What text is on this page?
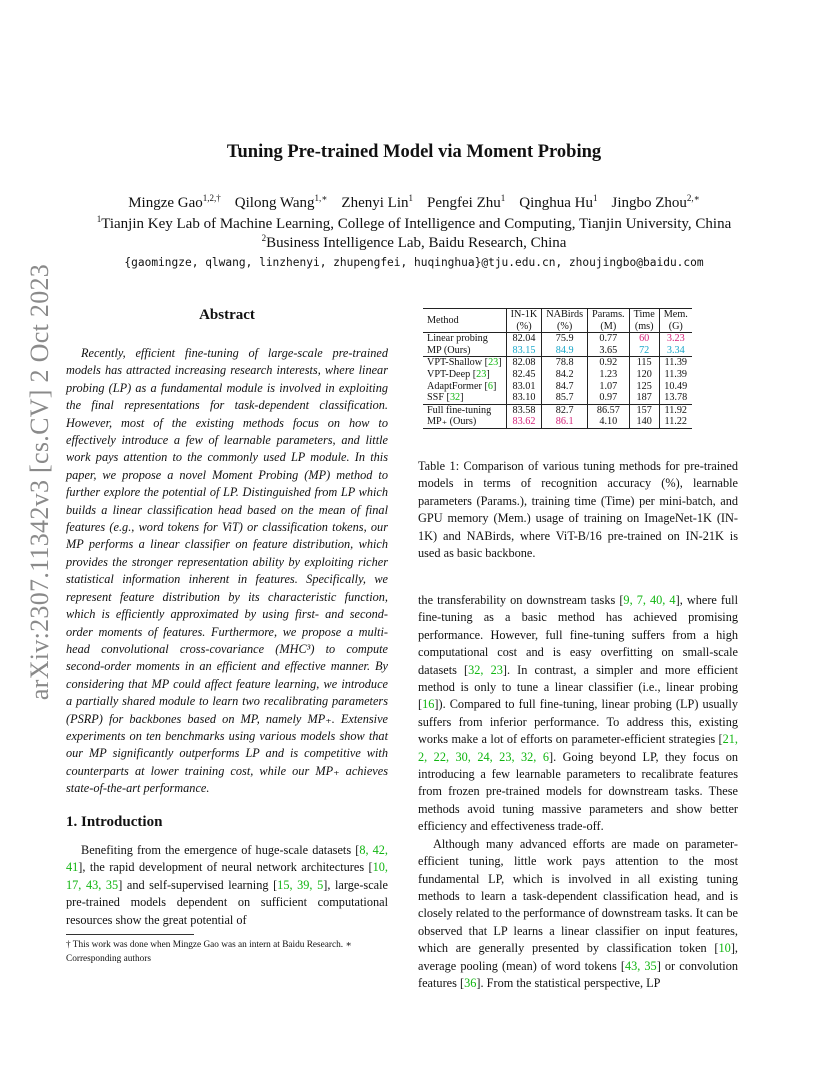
Tuning Pre-trained Model via Moment Probing
Mingze Gao$^{1,2,\dagger}$ Qilong Wang$^{1,∗}$ Zhenyi Lin$^1$ Pengfei Zhu$^1$ Qinghua Hu$^1$ Jingbo Zhou$^{2,∗}$
$^1$Tianjin Key Lab of Machine Learning, College of Intelligence and Computing, Tianjin University, China
$^2$Business Intelligence Lab, Baidu Research, China
{gaomingze, qlwang, linzhenyi, zhupengfei, huqinghua}@tju.edu.cn, zhoujingbo@baidu.com
arXiv:2307.11342v3 [cs.CV] 2 Oct 2023	Abstract

Recently, efficient fine-tuning of large-scale pre-trained models has attracted increasing research interests, where linear probing (LP) as a fundamental module is involved in exploiting the final representations for task-dependent classification. However, most of the existing methods focus on how to effectively introduce a few of learnable parameters, and little work pays attention to the commonly used LP module. In this paper, we propose a novel Moment Probing (MP) method to further explore the potential of LP. Distinguished from LP which builds a linear classification head based on the mean of final features (e.g., word tokens for ViT) or classification tokens, our MP performs a linear classifier on feature distribution, which provides the stronger representation ability by exploiting richer statistical information inherent in features. Specifically, we represent feature distribution by its characteristic function, which is efficiently approximated by using first- and second-order moments of features. Furthermore, we propose a multi-head convolutional cross-covariance (MHC³) to compute second-order moments in an efficient and effective manner. By considering that MP could affect feature learning, we introduce a partially shared module to learn two recalibrating parameters (PSRP) for backbones based on MP, namely MP₊. Extensive experiments on ten benchmarks using various models show that our MP significantly outperforms LP and is competitive with counterparts at lower training cost, while our MP₊ achieves state-of-the-art performance.

1. Introduction

Benefiting from the emergence of huge-scale datasets [8, 42, 41], the rapid development of neural network architectures [10, 17, 43, 35] and self-supervised learning [15, 39, 5], large-scale pre-trained models dependent on sufficient computational resources show the great potential of

† This work was done when Mingze Gao was an intern at Baidu Research. ∗ Corresponding authors
Method	IN-1K	NABirds	Params.	Time	Mem.
	(%)	(%)	(M)	(ms)	(G)
Linear probing	82.04	75.9	0.77	60	3.23
MP (Ours)	83.15	84.9	3.65	72	3.34
VPT-Shallow [23]	82.08	78.8	0.92	115	11.39
VPT-Deep [23]	82.45	84.2	1.23	120	11.39
AdaptFormer [6]	83.01	84.7	1.07	125	10.49
SSF [32]	83.10	85.7	0.97	187	13.78
Full fine-tuning	83.58	82.7	86.57	157	11.92
MP₊ (Ours)	83.62	86.1	4.10	140	11.22
Table 1: Comparison of various tuning methods for pre-trained models in terms of recognition accuracy (%), learnable parameters (Params.), training time (Time) per mini-batch, and GPU memory (Mem.) usage of training on ImageNet-1K (IN-1K) and NABirds, where ViT-B/16 pre-trained on IN-21K is used as basic backbone.

the transferability on downstream tasks [9, 7, 40, 4], where full fine-tuning as a basic method has achieved promising performance. However, full fine-tuning suffers from a high computational cost and is easy overfitting on small-scale datasets [32, 23]. In contrast, a simpler and more efficient method is only to tune a linear classifier (i.e., linear probing [16]). Compared to full fine-tuning, linear probing (LP) usually suffers from inferior performance. To address this, existing works make a lot of efforts on parameter-efficient strategies [21, 2, 22, 30, 24, 23, 32, 6]. Going beyond LP, they focus on introducing a few learnable parameters to recalibrate features from frozen pre-trained models for downstream tasks. These methods avoid tuning massive parameters and show better efficiency and effectiveness trade-off.

Although many advanced efforts are made on parameter-efficient tuning, little work pays attention to the most fundamental LP, which is involved in all existing tuning methods to learn a task-dependent classification head, and is closely related to the performance of downstream tasks. It can be observed that LP learns a linear classifier on input features, which are generally presented by classification token [10], average pooling (mean) of word tokens [43, 35] or convolution features [36]. From the statistical perspective, LP
